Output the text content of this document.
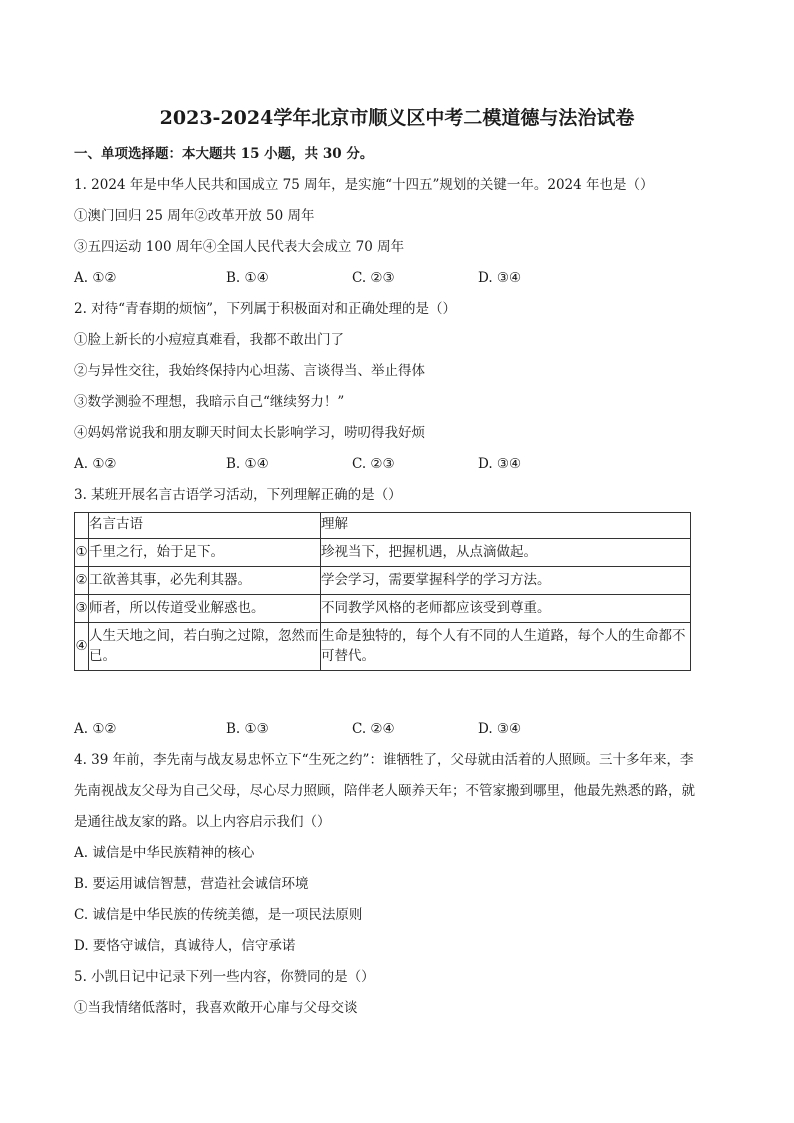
2023-2024学年北京市顺义区中考二模道德与法治试卷
一、单项选择题：本大题共 15 小题，共 30 分。
1. 2024 年是中华人民共和国成立 75 周年，是实施“十四五”规划的关键一年。2024 年也是（）
①澳门回归 25 周年②改革开放 50 周年
③五四运动 100 周年④全国人民代表大会成立 70 周年
A. ①②	B. ①④	C. ②③	D. ③④
2. 对待“青春期的烦恼”，下列属于积极面对和正确处理的是（）
①脸上新长的小痘痘真难看，我都不敢出门了
②与异性交往，我始终保持内心坦荡、言谈得当、举止得体
③数学测验不理想，我暗示自己“继续努力！”
④妈妈常说我和朋友聊天时间太长影响学习，唠叨得我好烦
A. ①②	B. ①④	C. ②③	D. ③④
3. 某班开展名言古语学习活动，下列理解正确的是（）
	名言古语	理解
①	千里之行，始于足下。	珍视当下，把握机遇，从点滴做起。
②	工欲善其事，必先利其器。	学会学习，需要掌握科学的学习方法。
③	师者，所以传道受业解惑也。	不同教学风格的老师都应该受到尊重。
④	人生天地之间，若白驹之过隙，忽然而已。	生命是独特的，每个人有不同的人生道路，每个人的生命都不可替代。
A. ①②	B. ①③	C. ②④	D. ③④
4. 39 年前，李先南与战友易忠怀立下“生死之约”：谁牺牲了，父母就由活着的人照顾。三十多年来，李
先南视战友父母为自己父母，尽心尽力照顾，陪伴老人颐养天年；不管家搬到哪里，他最先熟悉的路，就
是通往战友家的路。以上内容启示我们（）
A. 诚信是中华民族精神的核心
B. 要运用诚信智慧，营造社会诚信环境
C. 诚信是中华民族的传统美德，是一项民法原则
D. 要恪守诚信，真诚待人，信守承诺
5. 小凯日记中记录下列一些内容，你赞同的是（）
①当我情绪低落时，我喜欢敞开心扉与父母交谈
